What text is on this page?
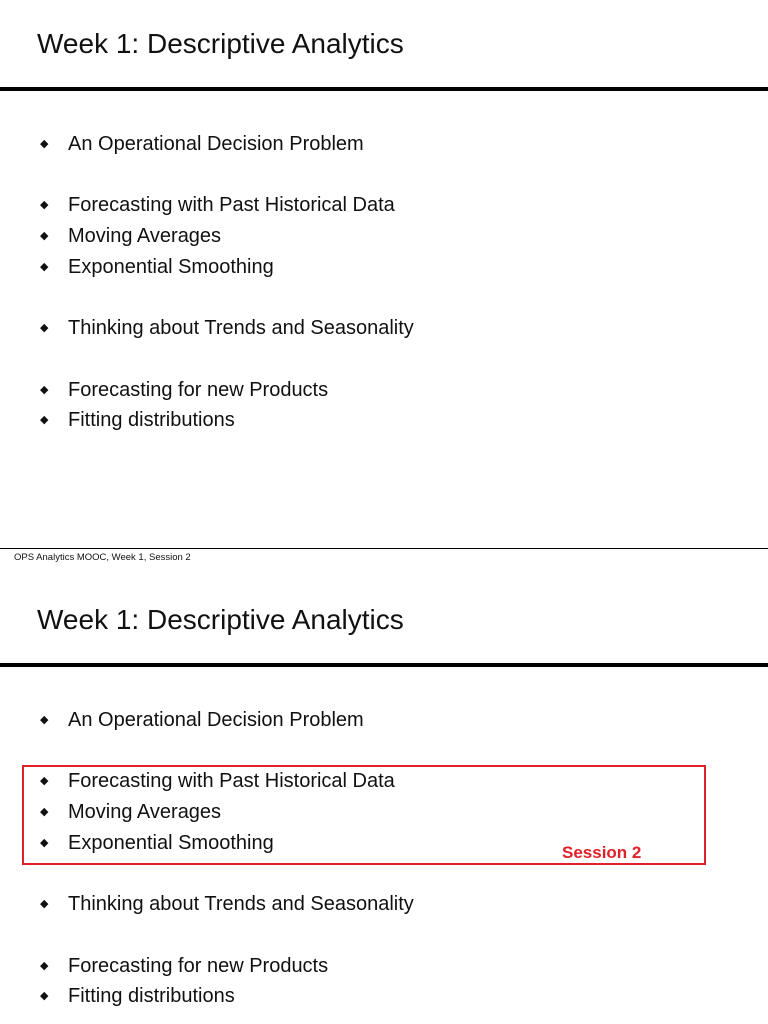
Week 1: Descriptive Analytics
◆ An Operational Decision Problem
◆ Forecasting with Past Historical Data
◆ Moving Averages
◆ Exponential Smoothing
◆ Thinking about Trends and Seasonality
◆ Forecasting for new Products
◆ Fitting distributions
OPS Analytics MOOC, Week 1, Session 2
Week 1: Descriptive Analytics
◆ An Operational Decision Problem
◆ Forecasting with Past Historical Data
◆ Moving Averages
◆ Exponential Smoothing
◆ Thinking about Trends and Seasonality
◆ Forecasting for new Products
◆ Fitting distributions
Session 2
